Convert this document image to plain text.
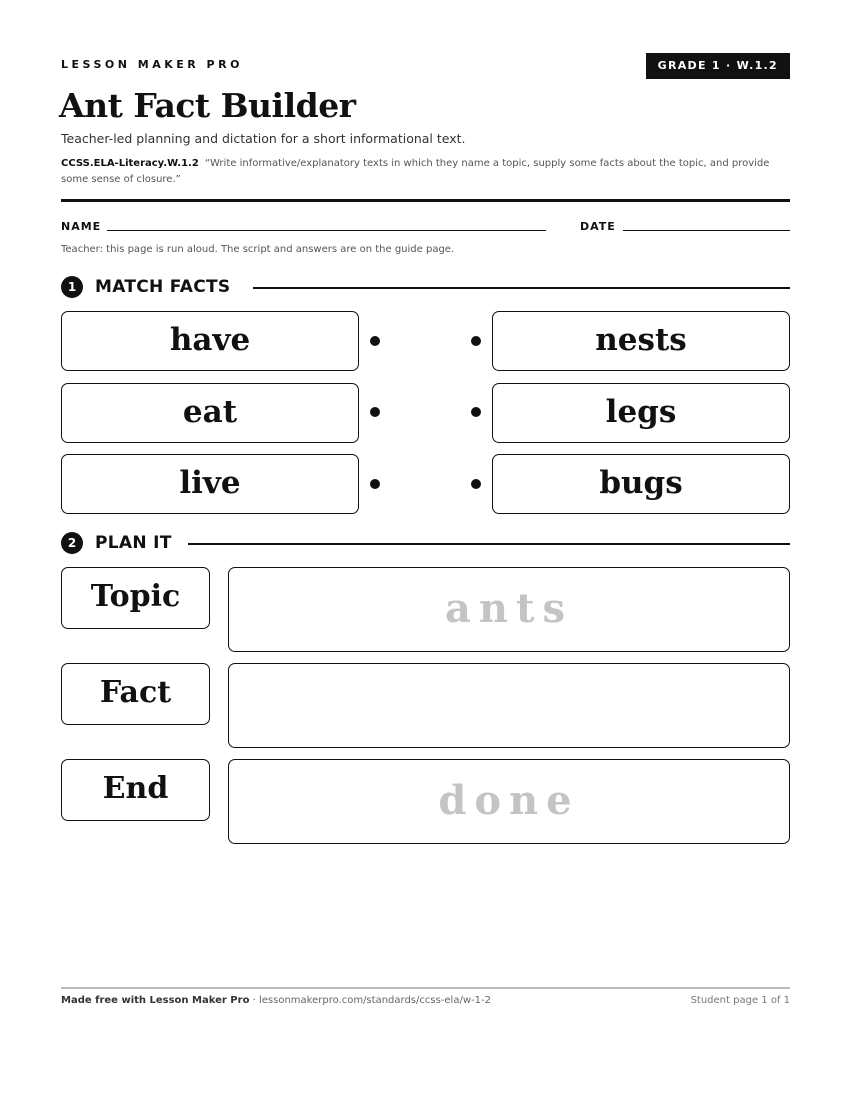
LESSON MAKER PRO	GRADE 1 · W.1.2
Ant Fact Builder
Teacher-led planning and dictation for a short informational text.
CCSS.ELA-Literacy.W.1.2 “Write informative/explanatory texts in which they name a topic, supply some facts about the topic, and provide some sense of closure.”
NAME	DATE
Teacher: this page is run aloud. The script and answers are on the guide page.
1	MATCH FACTS
have	nests
eat	legs
live	bugs
2	PLAN IT
Topic	ants
Fact
End	done
Made free with Lesson Maker Pro · lessonmakerpro.com/standards/ccss-ela/w-1-2	Student page 1 of 1
